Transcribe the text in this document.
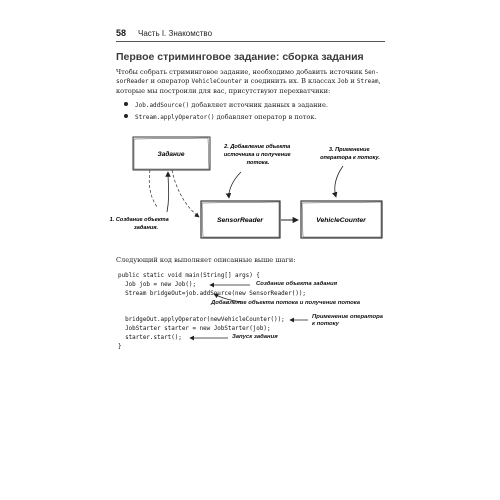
58 Часть I. Знакомство
Первое стриминговое задание: сборка задания
Чтобы собрать стриминговое задание, необходимо добавить источник Sen-
sorReader и оператор VehicleCounter и соединить их. В классах Job и Stream,
которые мы построили для вас, присутствуют перехватчики:
Job.addSource() добавляет источник данных в задание.
Stream.applyOperator() добавляет оператор в поток.
Задание
SensorReader	VehicleCounter
2. Добавление объекта источника и получение потока.
3. Применение оператора к потоку.
1. Создание объекта задания.
Следующий код выполняет описанные выше шаги:
public static void main(String[] args) {
Job job = new Job();
Stream bridgeOut=job.addSource(new SensorReader());
bridgeOut.applyOperator(newVehicleCounter());
JobStarter starter = new JobStarter(job);
starter.start();
}
Создание объекта задания
Добавление объекта потока и получение потока
Применение оператора
к потоку
Запуск задания
